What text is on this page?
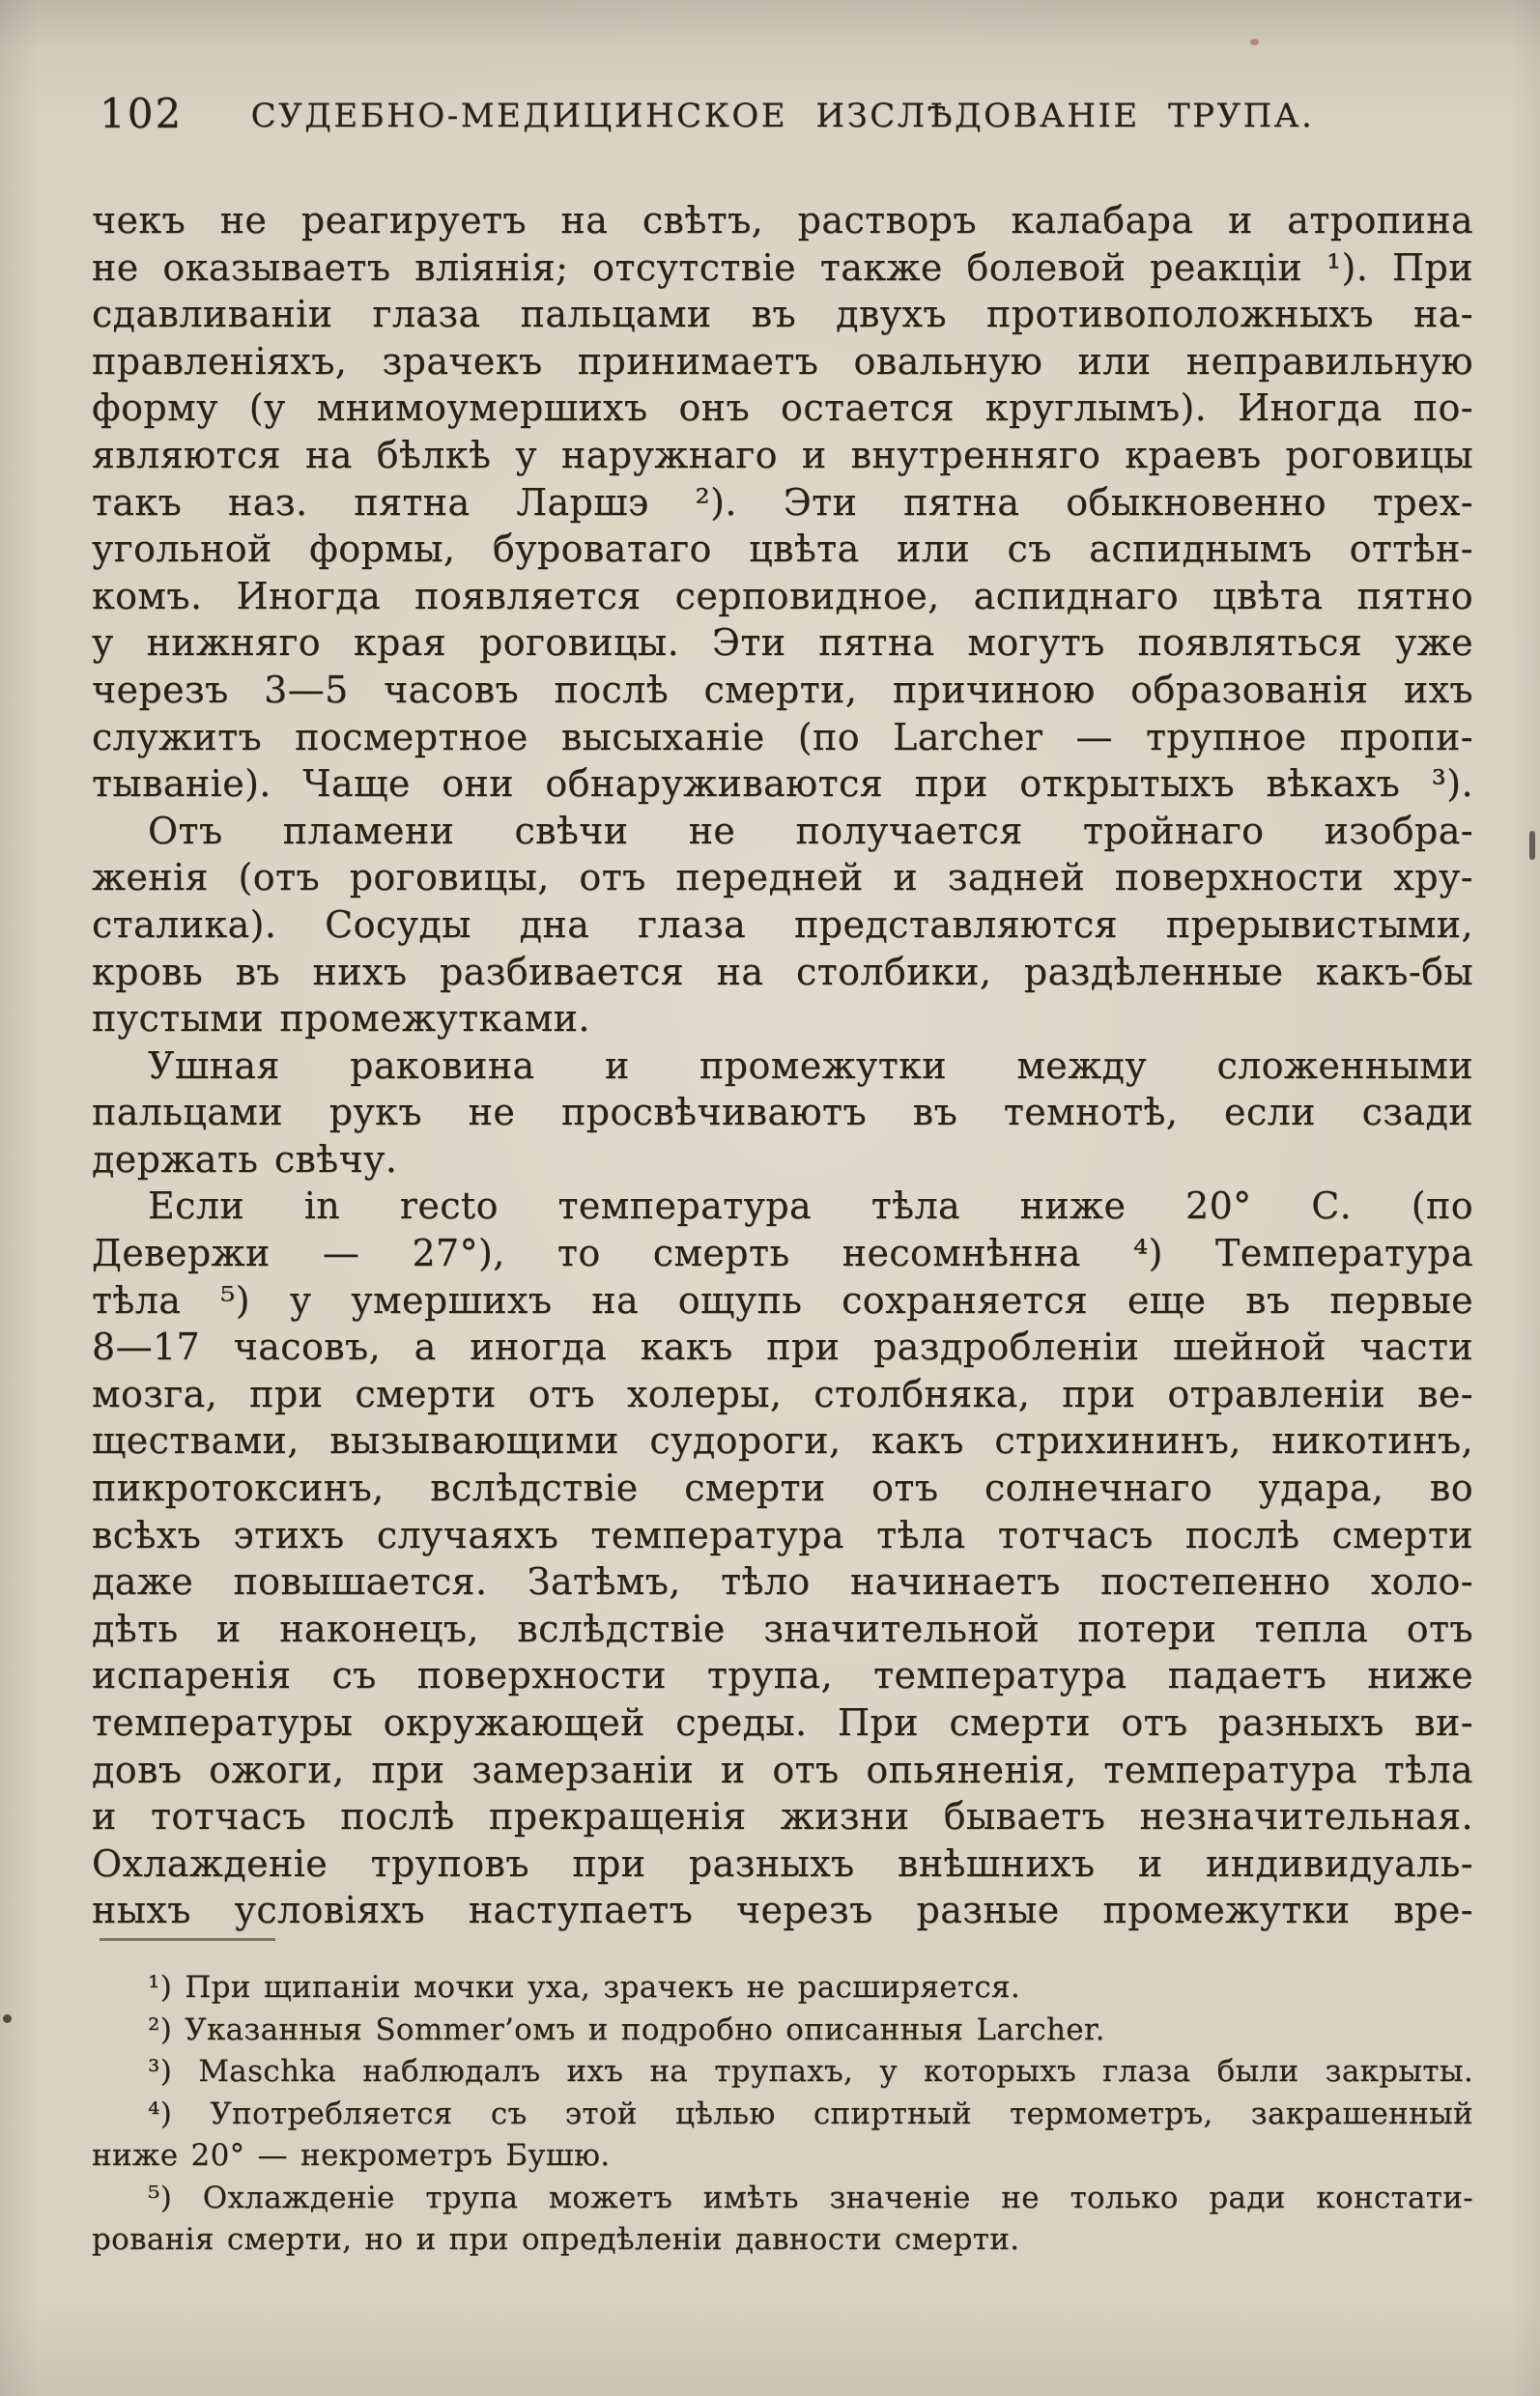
102	СУДЕБНО-МЕДИЦИНСКОЕ ИЗСЛѢДОВАНІЕ ТРУПА.
чекъ не реагируетъ на свѣтъ, растворъ калабара и атропина
не оказываетъ вліянія; отсутствіе также болевой реакціи ¹). При
сдавливаніи глаза пальцами въ двухъ противоположныхъ на-
правленіяхъ, зрачекъ принимаетъ овальную или неправильную
форму (у мнимоумершихъ онъ остается круглымъ). Иногда по-
являются на бѣлкѣ у наружнаго и внутренняго краевъ роговицы
такъ наз. пятна Ларшэ ²). Эти пятна обыкновенно трех-
угольной формы, буроватаго цвѣта или съ аспиднымъ оттѣн-
комъ. Иногда появляется серповидное, аспиднаго цвѣта пятно
у нижняго края роговицы. Эти пятна могутъ появляться уже
черезъ 3—5 часовъ послѣ смерти, причиною образованія ихъ
служитъ посмертное высыханіе (по Larcher — трупное пропи-
тываніе). Чаще они обнаруживаются при открытыхъ вѣкахъ ³).
Отъ пламени свѣчи не получается тройнаго изобра-
женія (отъ роговицы, отъ передней и задней поверхности хру-
сталика). Сосуды дна глаза представляются прерывистыми,
кровь въ нихъ разбивается на столбики, раздѣленные какъ-бы
пустыми промежутками.
Ушная раковина и промежутки между сложенными
пальцами рукъ не просвѣчиваютъ въ темнотѣ, если сзади
держать свѣчу.
Если in recto температура тѣла ниже 20° С. (по
Девержи — 27°), то смерть несомнѣнна ⁴) Температура
тѣла ⁵) у умершихъ на ощупь сохраняется еще въ первые
8—17 часовъ, а иногда какъ при раздробленіи шейной части
мозга, при смерти отъ холеры, столбняка, при отравленіи ве-
ществами, вызывающими судороги, какъ стрихининъ, никотинъ,
пикротоксинъ, вслѣдствіе смерти отъ солнечнаго удара, во
всѣхъ этихъ случаяхъ температура тѣла тотчасъ послѣ смерти
даже повышается. Затѣмъ, тѣло начинаетъ постепенно холо-
дѣть и наконецъ, вслѣдствіе значительной потери тепла отъ
испаренія съ поверхности трупа, температура падаетъ ниже
температуры окружающей среды. При смерти отъ разныхъ ви-
довъ ожоги, при замерзаніи и отъ опьяненія, температура тѣла
и тотчасъ послѣ прекращенія жизни бываетъ незначительная.
Охлажденіе труповъ при разныхъ внѣшнихъ и индивидуаль-
ныхъ условіяхъ наступаетъ черезъ разные промежутки вре-
¹) При щипаніи мочки уха, зрачекъ не расширяется.
²) Указанныя Sommer’омъ и подробно описанныя Larcher.
³) Maschka наблюдалъ ихъ на трупахъ, у которыхъ глаза были закрыты.
⁴) Употребляется съ этой цѣлью спиртный термометръ, закрашенный
ниже 20° — некрометръ Бушю.
⁵) Охлажденіе трупа можетъ имѣть значеніе не только ради констати-
рованія смерти, но и при опредѣленіи давности смерти.
